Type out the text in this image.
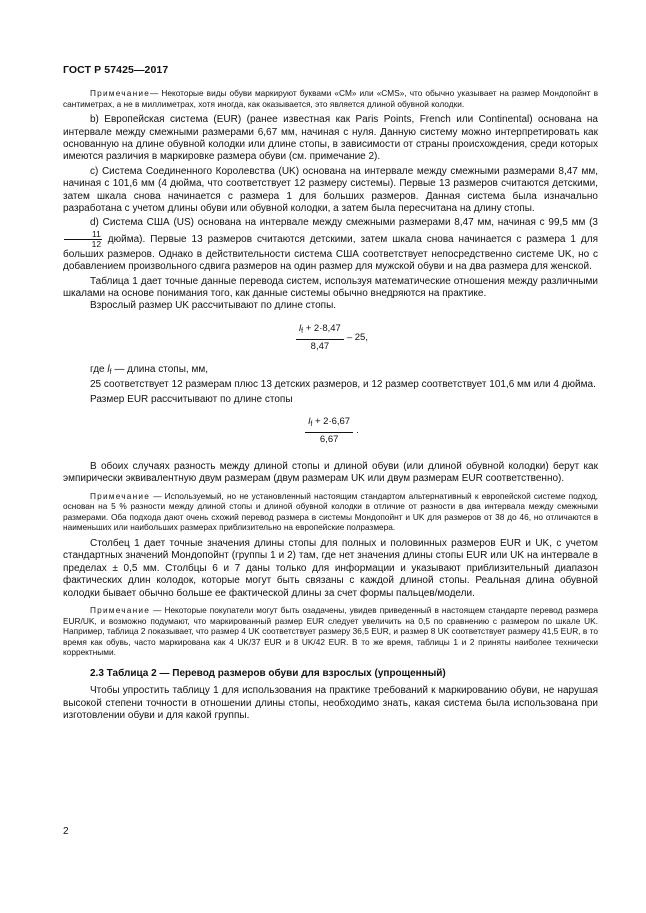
ГОСТ Р 57425—2017

Примечание— Некоторые виды обуви маркируют буквами «CM» или «CMS», что обычно указывает на размер Мондопойнт в сантиметрах, а не в миллиметрах, хотя иногда, как оказывается, это является длиной обувной колодки.

b) Европейская система (EUR) (ранее известная как Paris Points, French или Continental) основана на интервале между смежными размерами 6,67 мм, начиная с нуля. Данную систему можно интерпретировать как основанную на длине обувной колодки или длине стопы, в зависимости от страны происхождения, среди которых имеются различия в маркировке размера обуви (см. примечание 2).

c) Система Соединенного Королевства (UK) основана на интервале между смежными размерами 8,47 мм, начиная с 101,6 мм (4 дюйма, что соответствует 12 размеру системы). Первые 13 размеров считаются детскими, затем шкала снова начинается с размера 1 для больших размеров. Данная система была изначально разработана с учетом длины обуви или обувной колодки, а затем была пересчитана на длину стопы.

d) Система США (US) основана на интервале между смежными размерами 8,47 мм, начиная с 99,5 мм (3
$\frac{11}{12}$ дюйма). Первые 13 размеров считаются детскими, затем шкала снова начинается с размера 1 для больших размеров. Однако в действительности система США соответствует непосредственно системе UK, но с добавлением произвольного сдвига размеров на один размер для мужской обуви и на два размера для женской.

Таблица 1 дает точные данные перевода систем, используя математические отношения между различными шкалами на основе понимания того, как данные системы обычно внедряются на практике.

Взрослый размер UK рассчитывают по длине стопы.

$\frac{l_f + 2\cdot 8,47}{8,47} - 25$,

где $l_f$ — длина стопы, мм,

25 соответствует 12 размерам плюс 13 детских размеров, и 12 размер соответствует 101,6 мм или 4 дюйма.

Размер EUR рассчитывают по длине стопы

$\frac{l_f + 2\cdot 6,67}{6,67}$ .

В обоих случаях разность между длиной стопы и длиной обуви (или длиной обувной колодки) берут как эмпирически эквивалентную двум размерам (двум размерам UK или двум размерам EUR соответственно).

Примечание — Используемый, но не установленный настоящим стандартом альтернативный к европейской системе подход, основан на 5 % разности между длиной стопы и длиной обувной колодки в отличие от разности в два интервала между смежными размерами. Оба подхода дают очень схожий перевод размера в системы Мондопойнт и UK для размеров от 38 до 46, но отличаются в наименьших или наибольших размерах приблизительно на европейские полразмера.

Столбец 1 дает точные значения длины стопы для полных и половинных размеров EUR и UK, с учетом стандартных значений Мондопойнт (группы 1 и 2) там, где нет значения длины стопы EUR или UK на интервале в пределах ± 0,5 мм. Столбцы 6 и 7 даны только для информации и указывают приблизительный диапазон фактических длин колодок, которые могут быть связаны с каждой длиной стопы. Реальная длина обувной колодки бывает обычно больше ее фактической длины за счет формы пальцев/модели.

Примечание — Некоторые покупатели могут быть озадачены, увидев приведенный в настоящем стандарте перевод размера EUR/UK, и возможно подумают, что маркированный размер EUR следует увеличить на 0,5 по сравнению с размером по шкале UK. Например, таблица 2 показывает, что размер 4 UK соответствует размеру 36,5 EUR, и размер 8 UK соответствует размеру 41,5 EUR, в то время как обувь, часто маркирована как 4 UK/37 EUR и 8 UK/42 EUR. В то же время, таблицы 1 и 2 приняты наиболее технически корректными.

2.3 Таблица 2 — Перевод размеров обуви для взрослых (упрощенный)

Чтобы упростить таблицу 1 для использования на практике требований к маркированию обуви, не нарушая высокой степени точности в отношении длины стопы, необходимо знать, какая система была использована при изготовлении обуви и для какой группы.

2
